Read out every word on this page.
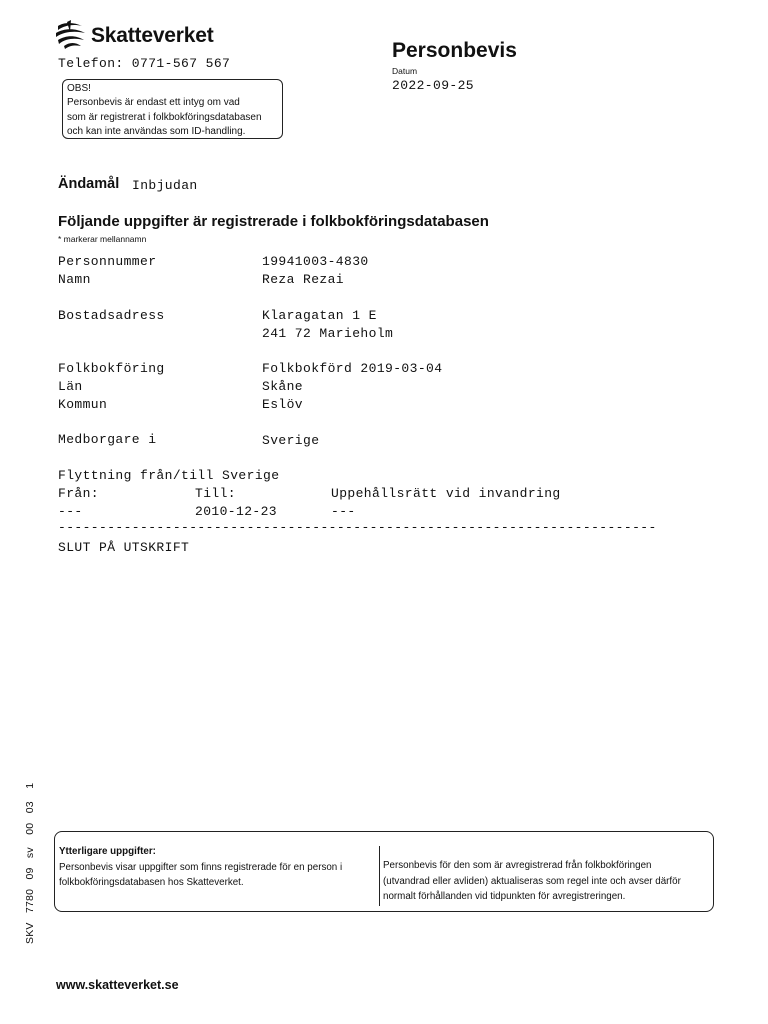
Skatteverket
Telefon: 0771-567 567
Personbevis
Datum
2022-09-25
OBS!
Personbevis är endast ett intyg om vad
som är registrerat i folkbokföringsdatabasen
och kan inte användas som ID-handling.
Ändamål Inbjudan
Följande uppgifter är registrerade i folkbokföringsdatabasen
* markerar mellannamn
Personnummer	19941003-4830
Namn	Reza Rezai
Bostadsadress	Klaragatan 1 E
241 72 Marieholm
Folkbokföring	Folkbokförd 2019-03-04
Län	Skåne
Kommun	Eslöv
Medborgare i	Sverige
Flyttning från/till Sverige
Från:	Till:	Uppehållsrätt vid invandring
---	2010-12-23	---
-------------------------------------------------------------------------
SLUT PÅ UTSKRIFT
SKV   7780   09   sv    00   03    1 Ytterligare uppgifter:
Personbevis visar uppgifter som finns registrerade för en person i
folkbokföringsdatabasen hos Skatteverket.
Personbevis för den som är avregistrerad från folkbokföringen
(utvandrad eller avliden) aktualiseras som regel inte och avser därför
normalt förhållanden vid tidpunkten för avregistreringen.
www.skatteverket.se
